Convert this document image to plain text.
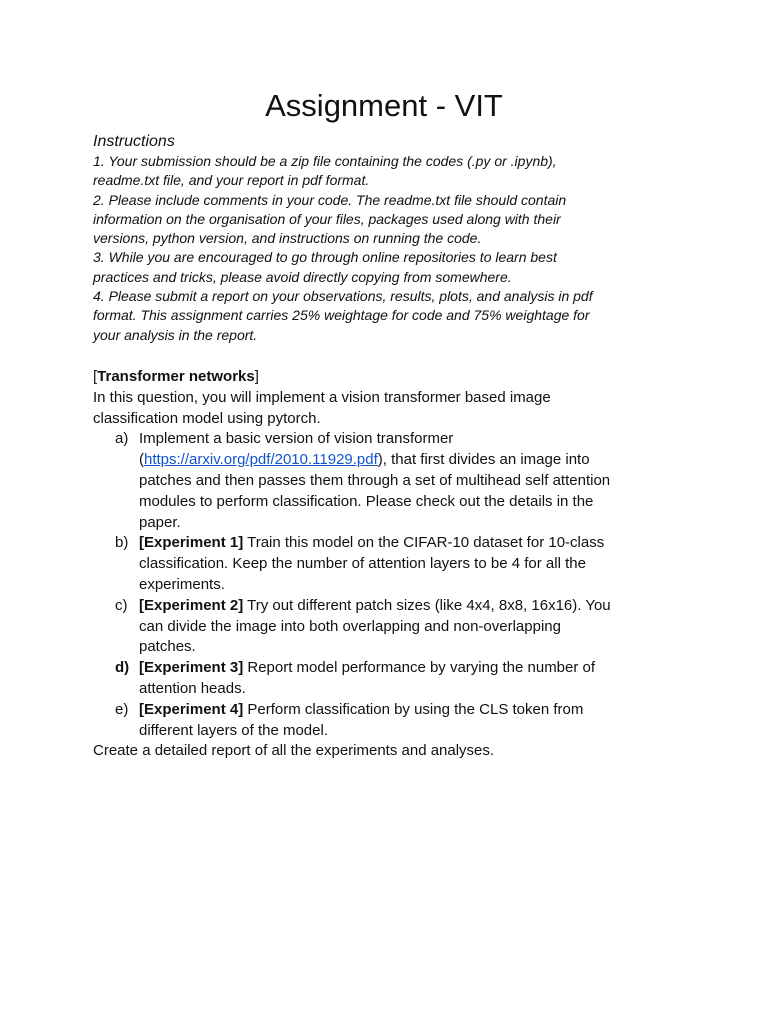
Assignment - VIT
Instructions
1. Your submission should be a zip file containing the codes (.py or .ipynb),
readme.txt file, and your report in pdf format.
2. Please include comments in your code. The readme.txt file should contain
information on the organisation of your files, packages used along with their
versions, python version, and instructions on running the code.
3. While you are encouraged to go through online repositories to learn best
practices and tricks, please avoid directly copying from somewhere.
4. Please submit a report on your observations, results, plots, and analysis in pdf
format. This assignment carries 25% weightage for code and 75% weightage for
your analysis in the report.
[Transformer networks]
In this question, you will implement a vision transformer based image
classification model using pytorch.
a) Implement a basic version of vision transformer
(https://arxiv.org/pdf/2010.11929.pdf), that first divides an image into
patches and then passes them through a set of multihead self attention
modules to perform classification. Please check out the details in the
paper.
b) [Experiment 1] Train this model on the CIFAR-10 dataset for 10-class
classification. Keep the number of attention layers to be 4 for all the
experiments.
c) [Experiment 2] Try out different patch sizes (like 4x4, 8x8, 16x16). You
can divide the image into both overlapping and non-overlapping
patches.
d) [Experiment 3] Report model performance by varying the number of
attention heads.
e) [Experiment 4] Perform classification by using the CLS token from
different layers of the model.
Create a detailed report of all the experiments and analyses.
